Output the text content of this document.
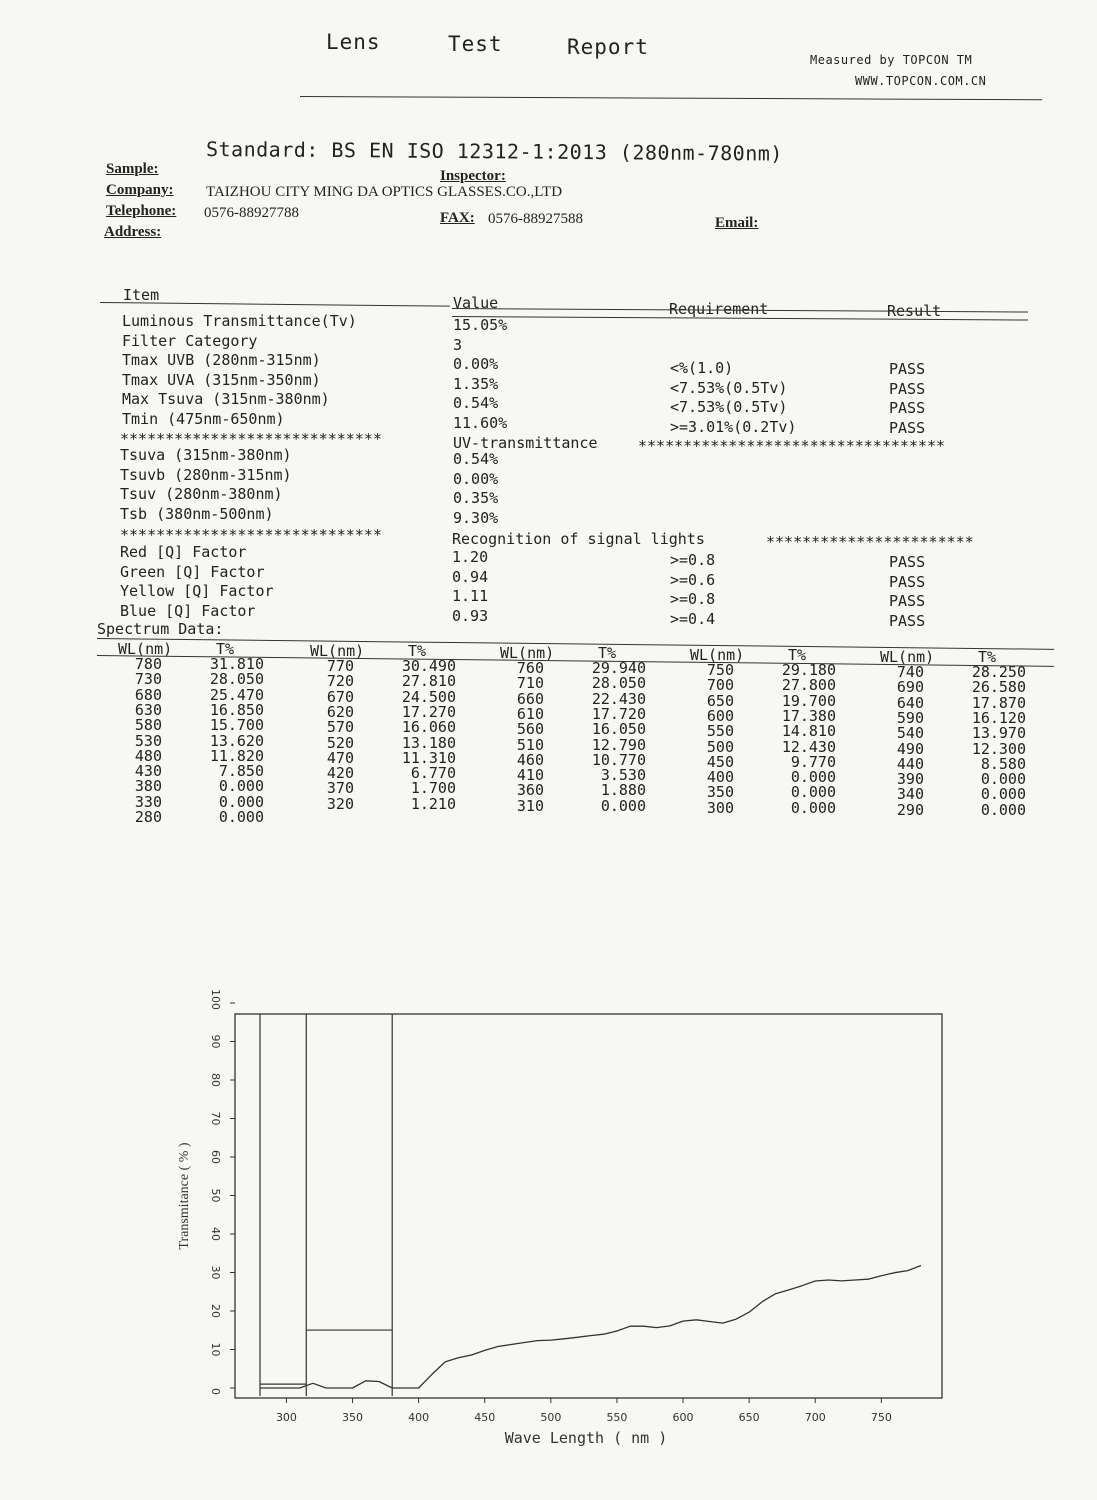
Lens	Test	Report
Measured by TOPCON TM
WWW.TOPCON.COM.CN
Standard: BS EN ISO 12312-1:2013 (280nm-780nm)
Sample:	Inspector:
Company: TAIZHOU CITY MING DA OPTICS GLASSES.CO.,LTD
Telephone: 0576-88927788	FAX: 0576-88927588	Email:
Address:
Item	Value	Requirement	Result
Luminous Transmittance(Tv)	15.05%
Filter Category	3
Tmax UVB (280nm-315nm)	0.00%	<%(1.0)	PASS
Tmax UVA (315nm-350nm)	1.35%	<7.53%(0.5Tv)	PASS
Max Tsuva (315nm-380nm)	0.54%	<7.53%(0.5Tv)	PASS
Tmin (475nm-650nm)	11.60%	>=3.01%(0.2Tv)	PASS
*****************************	UV-transmittance	**********************************
Tsuva (315nm-380nm)	0.54%
Tsuvb (280nm-315nm)	0.00%
Tsuv (280nm-380nm)	0.35%
Tsb (380nm-500nm)	9.30%
*****************************	Recognition of signal lights	***********************
Red [Q] Factor	1.20	>=0.8	PASS
Green [Q] Factor	0.94	>=0.6	PASS
Yellow [Q] Factor	1.11	>=0.8	PASS
Blue [Q] Factor	0.93	>=0.4	PASS
Spectrum Data:
WL(nm)	T%
780	31.810
730	28.050
680	25.470
630	16.850
580	15.700
530	13.620
480	11.820
430	7.850
380	0.000
330	0.000
280	0.000
WL(nm)	T%
770	30.490
720	27.810
670	24.500
620	17.270
570	16.060
520	13.180
470	11.310
420	6.770
370	1.700
320	1.210
WL(nm)	T%
760	29.940
710	28.050
660	22.430
610	17.720
560	16.050
510	12.790
460	10.770
410	3.530
360	1.880
310	0.000
WL(nm)	T%
750	29.180
700	27.800
650	19.700
600	17.380
550	14.810
500	12.430
450	9.770
400	0.000
350	0.000
300	0.000
WL(nm)	T%
740	28.250
690	26.580
640	17.870
590	16.120
540	13.970
490	12.300
440	8.580
390	0.000
340	0.000
290	0.000
0
10
20
30
40
50
60
70
80
90
100
300	350	400	450	500	550	600	650	700	750
Wave Length ( nm )
Transmitance ( % )
